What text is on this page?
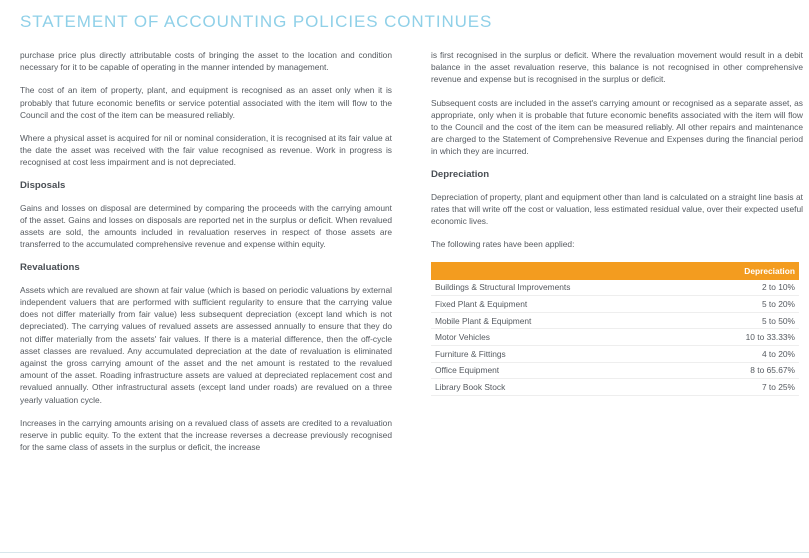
STATEMENT OF ACCOUNTING POLICIES CONTINUES

purchase price plus directly attributable costs of bringing the asset to the location and condition necessary for it to be capable of operating in the manner intended by management.

The cost of an item of property, plant, and equipment is recognised as an asset only when it is probably that future economic benefits or service potential associated with the item will flow to the Council and the cost of the item can be measured reliably.

Where a physical asset is acquired for nil or nominal consideration, it is recognised at its fair value at the date the asset was received with the fair value recognised as revenue. Work in progress is recognised at cost less impairment and is not depreciated.

Disposals

Gains and losses on disposal are determined by comparing the proceeds with the carrying amount of the asset. Gains and losses on disposals are reported net in the surplus or deficit. When revalued assets are sold, the amounts included in revaluation reserves in respect of those assets are transferred to the accumulated comprehensive revenue and expense within equity.

Revaluations

Assets which are revalued are shown at fair value (which is based on periodic valuations by external independent valuers that are performed with sufficient regularity to ensure that the carrying value does not differ materially from fair value) less subsequent depreciation (except land which is not depreciated). The carrying values of revalued assets are assessed annually to ensure that they do not differ materially from the assets' fair values. If there is a material difference, then the off-cycle asset classes are revalued. Any accumulated depreciation at the date of revaluation is eliminated against the gross carrying amount of the asset and the net amount is restated to the revalued amount of the asset. Roading infrastructure assets are valued at depreciated replacement cost and revalued annually. Other infrastructural assets (except land under roads) are revalued on a three yearly valuation cycle.

Increases in the carrying amounts arising on a revalued class of assets are credited to a revaluation reserve in public equity. To the extent that the increase reverses a decrease previously recognised for the same class of assets in the surplus or deficit, the increase

is first recognised in the surplus or deficit. Where the revaluation movement would result in a debit balance in the asset revaluation reserve, this balance is not recognised in other comprehensive revenue and expense but is recognised in the surplus or deficit.

Subsequent costs are included in the asset's carrying amount or recognised as a separate asset, as appropriate, only when it is probable that future economic benefits associated with the item will flow to the Council and the cost of the item can be measured reliably. All other repairs and maintenance are charged to the Statement of Comprehensive Revenue and Expenses during the financial period in which they are incurred.

Depreciation

Depreciation of property, plant and equipment other than land is calculated on a straight line basis at rates that will write off the cost or valuation, less estimated residual value, over their expected useful economic lives.

The following rates have been applied:

	Depreciation
Buildings & Structural Improvements	2 to 10%
Fixed Plant & Equipment	5 to 20%
Mobile Plant & Equipment	5 to 50%
Motor Vehicles	10 to 33.33%
Furniture & Fittings	4 to 20%
Office Equipment	8 to 65.67%
Library Book Stock	7 to 25%
